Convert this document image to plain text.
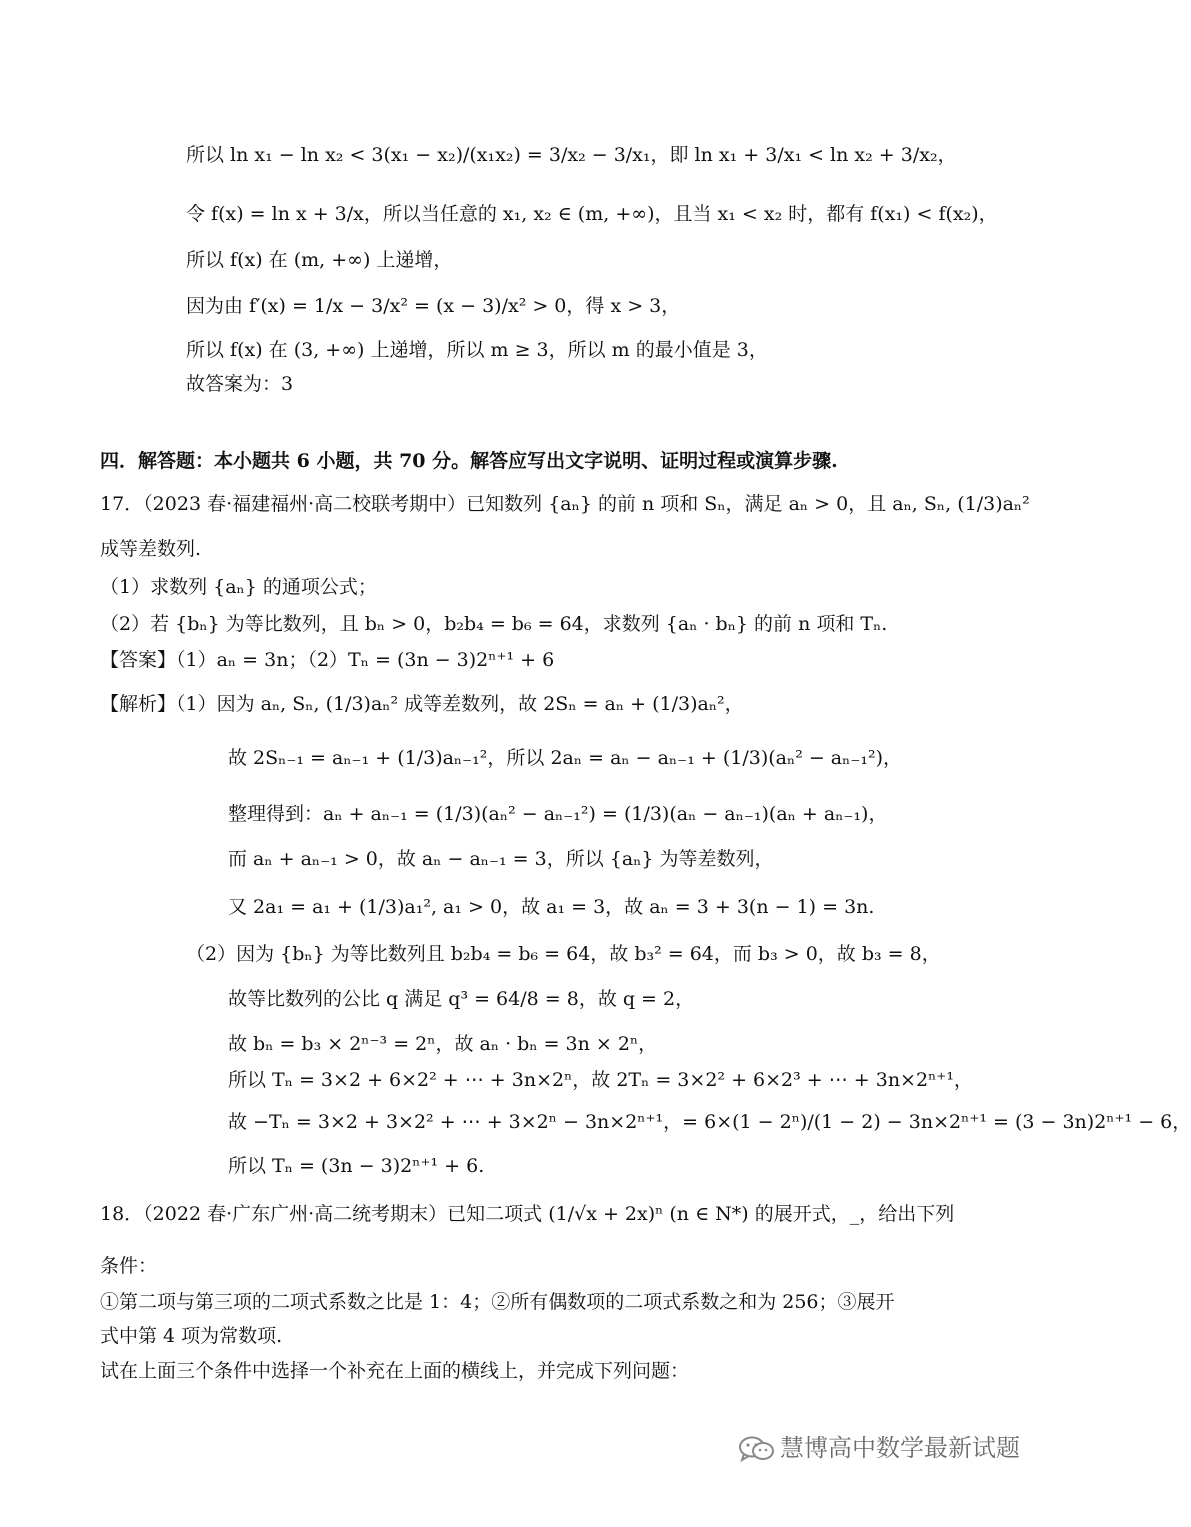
所以 ln x₁ − ln x₂ < 3(x₁ − x₂)/(x₁x₂) = 3/x₂ − 3/x₁，即 ln x₁ + 3/x₁ < ln x₂ + 3/x₂，
令 f(x) = ln x + 3/x，所以当任意的 x₁, x₂ ∈ (m, +∞)，且当 x₁ < x₂ 时，都有 f(x₁) < f(x₂)，
所以 f(x) 在 (m, +∞) 上递增，
因为由 f′(x) = 1/x − 3/x² = (x − 3)/x² > 0，得 x > 3，
所以 f(x) 在 (3, +∞) 上递增，所以 m ≥ 3，所以 m 的最小值是 3，
故答案为：3
四．解答题：本小题共 6 小题，共 70 分。解答应写出文字说明、证明过程或演算步骤.
17．（2023 春·福建福州·高二校联考期中）已知数列 {aₙ} 的前 n 项和 Sₙ，满足 aₙ > 0，且 aₙ, Sₙ, (1/3)aₙ²
成等差数列.
（1）求数列 {aₙ} 的通项公式；
（2）若 {bₙ} 为等比数列，且 bₙ > 0，b₂b₄ = b₆ = 64，求数列 {aₙ · bₙ} 的前 n 项和 Tₙ.
【答案】（1）aₙ = 3n；（2）Tₙ = (3n − 3)2ⁿ⁺¹ + 6
【解析】（1）因为 aₙ, Sₙ, (1/3)aₙ² 成等差数列，故 2Sₙ = aₙ + (1/3)aₙ²，
故 2Sₙ₋₁ = aₙ₋₁ + (1/3)aₙ₋₁²，所以 2aₙ = aₙ − aₙ₋₁ + (1/3)(aₙ² − aₙ₋₁²)，
整理得到：aₙ + aₙ₋₁ = (1/3)(aₙ² − aₙ₋₁²) = (1/3)(aₙ − aₙ₋₁)(aₙ + aₙ₋₁)，
而 aₙ + aₙ₋₁ > 0，故 aₙ − aₙ₋₁ = 3，所以 {aₙ} 为等差数列，
又 2a₁ = a₁ + (1/3)a₁², a₁ > 0，故 a₁ = 3，故 aₙ = 3 + 3(n − 1) = 3n.
（2）因为 {bₙ} 为等比数列且 b₂b₄ = b₆ = 64，故 b₃² = 64，而 b₃ > 0，故 b₃ = 8，
故等比数列的公比 q 满足 q³ = 64/8 = 8，故 q = 2，
故 bₙ = b₃ × 2ⁿ⁻³ = 2ⁿ，故 aₙ · bₙ = 3n × 2ⁿ，
所以 Tₙ = 3×2 + 6×2² + ⋯ + 3n×2ⁿ，故 2Tₙ = 3×2² + 6×2³ + ⋯ + 3n×2ⁿ⁺¹，
故 −Tₙ = 3×2 + 3×2² + ⋯ + 3×2ⁿ − 3n×2ⁿ⁺¹，= 6×(1 − 2ⁿ)/(1 − 2) − 3n×2ⁿ⁺¹ = (3 − 3n)2ⁿ⁺¹ − 6，
所以 Tₙ = (3n − 3)2ⁿ⁺¹ + 6.
18．（2022 春·广东广州·高二统考期末）已知二项式 (1/√x + 2x)ⁿ (n ∈ N*) 的展开式，_，给出下列
条件：
①第二项与第三项的二项式系数之比是 1：4；②所有偶数项的二项式系数之和为 256；③展开
式中第 4 项为常数项.
试在上面三个条件中选择一个补充在上面的横线上，并完成下列问题：
慧博高中数学最新试题
